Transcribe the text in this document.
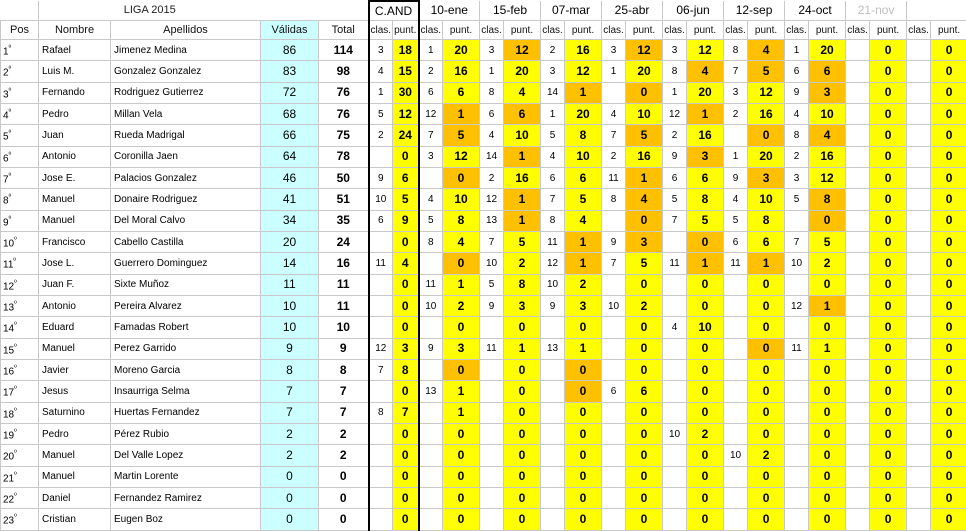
	LIGA 2015				C.AND		10-ene		15-feb		07-mar		25-abr		06-jun		12-sep		24-oct		21-nov			
Pos	Nombre	Apellidos	Válidas	Total	clas.	punt.	clas.	punt.	clas.	punt.	clas.	punt.	clas.	punt.	clas.	punt.	clas.	punt.	clas.	punt.	clas.	punt.	clas.	punt.
$1^º$	Rafael	Jimenez Medina	86	114	3	18	1	20	3	12	2	16	3	12	3	12	8	4	1	20		0		0
$2^º$	Luis M.	Gonzalez Gonzalez	83	98	4	15	2	16	1	20	3	12	1	20	8	4	7	5	6	6		0		0
$3^º$	Fernando	Rodriguez Gutierrez	72	76	1	30	6	6	8	4	14	1		0	1	20	3	12	9	3		0		0
$4^º$	Pedro	Millan Vela	68	76	5	12	12	1	6	6	1	20	4	10	12	1	2	16	4	10		0		0
$5^º$	Juan	Rueda Madrigal	66	75	2	24	7	5	4	10	5	8	7	5	2	16		0	8	4		0		0
$6^º$	Antonio	Coronilla Jaen	64	78		0	3	12	14	1	4	10	2	16	9	3	1	20	2	16		0		0
$7^º$	Jose E.	Palacios Gonzalez	46	50	9	6		0	2	16	6	6	11	1	6	6	9	3	3	12		0		0
$8^º$	Manuel	Donaire Rodriguez	41	51	10	5	4	10	12	1	7	5	8	4	5	8	4	10	5	8		0		0
$9^º$	Manuel	Del Moral Calvo	34	35	6	9	5	8	13	1	8	4		0	7	5	5	8		0		0		0
$10^º$	Francisco	Cabello Castilla	20	24		0	8	4	7	5	11	1	9	3		0	6	6	7	5		0		0
$11^º$	Jose L.	Guerrero Dominguez	14	16	11	4		0	10	2	12	1	7	5	11	1	11	1	10	2		0		0
$12^º$	Juan F.	Sixte Muñoz	11	11		0	11	1	5	8	10	2		0		0		0		0		0		0
$13^º$	Antonio	Pereira Alvarez	10	11		0	10	2	9	3	9	3	10	2		0		0	12	1		0		0
$14^º$	Eduard	Famadas Robert	10	10		0		0		0		0		0	4	10		0		0		0		0
$15^º$	Manuel	Perez Garrido	9	9	12	3	9	3	11	1	13	1		0		0		0	11	1		0		0
$16^º$	Javier	Moreno Garcia	8	8	7	8		0		0		0		0		0		0		0		0		0
$17^º$	Jesus	Insaurriga Selma	7	7		0	13	1		0		0	6	6		0		0		0		0		0
$18^º$	Saturnino	Huertas Fernandez	7	7	8	7		1		0		0		0		0		0		0		0		0
$19^º$	Pedro	Pérez Rubio	2	2		0		0		0		0		0	10	2		0		0		0		0
$20^º$	Manuel	Del Valle Lopez	2	2		0		0		0		0		0		0	10	2		0		0		0
$21^º$	Manuel	Martin Lorente	0	0		0		0		0		0		0		0		0		0		0		0
$22^º$	Daniel	Fernandez Ramirez	0	0		0		0		0		0		0		0		0		0		0		0
$23^º$	Cristian	Eugen Boz	0	0		0		0		0		0		0		0		0		0		0		0
